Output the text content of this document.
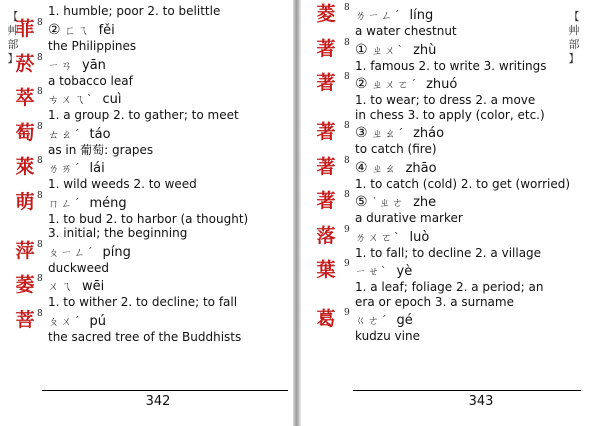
【
艸
部
】
1. humble; poor 2. to belittle
菲 8 ② ㄈㄟ fěi
the Philippines
菸 8
ㄧㄢ yān
a tobacco leaf
萃 8
ㄘㄨㄟˋ cuì
1. a group 2. to gather; to meet
萄 8
ㄊㄠˊ táo
as in 葡萄: grapes
萊 8
ㄌㄞˊ lái
1. wild weeds 2. to weed
萌 8
ㄇㄥˊ méng
1. to bud 2. to harbor (a thought)
3. initial; the beginning
萍 8
ㄆㄧㄥˊ píng
duckweed
萎 8
ㄨㄟ wēi
1. to wither 2. to decline; to fall
菩 8
ㄆㄨˊ pú
the sacred tree of the Buddhists
342
【
艸
部
】
菱 8
ㄌㄧㄥˊ líng
a water chestnut
著 8 ① ㄓㄨˋ zhù
1. famous 2. to write 3. writings
著 8 ② ㄓㄨㄛˊ zhuó
1. to wear; to dress 2. a move
in chess 3. to apply (color, etc.)
著 8 ③ ㄓㄠˊ zháo
to catch (fire)
著 8 ④ ㄓㄠ zhāo
1. to catch (cold) 2. to get (worried)
著 8 ⑤ ˙ㄓㄜ zhe
a durative marker
落 9
ㄌㄨㄛˋ luò
1. to fall; to decline 2. a village
葉 9
ㄧㄝˋ yè
1. a leaf; foliage 2. a period; an
era or epoch 3. a surname
葛 9
ㄍㄜˊ gé
kudzu vine
343
